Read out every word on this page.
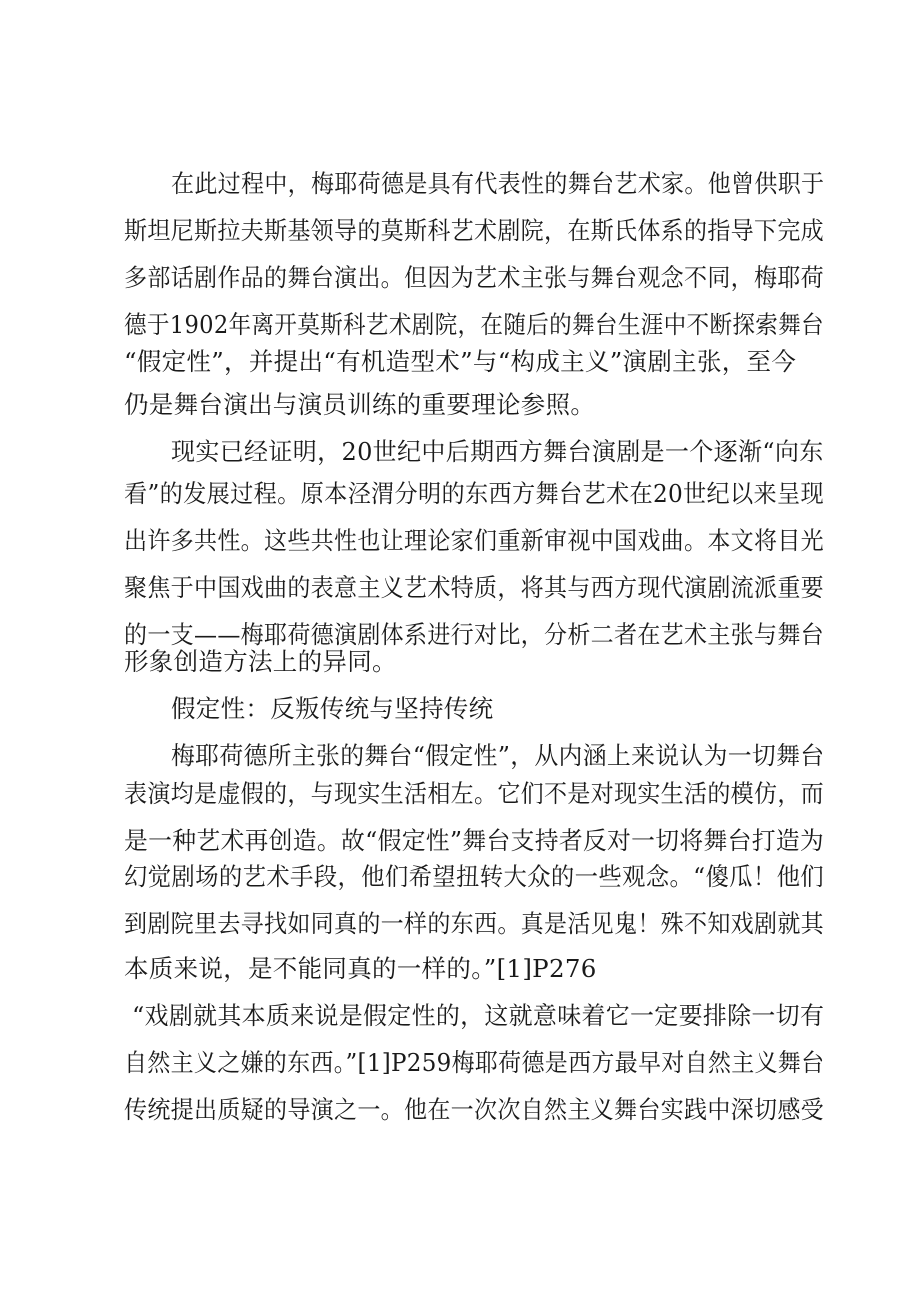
在此过程中，梅耶荷德是具有代表性的舞台艺术家。他曾供职于
斯坦尼斯拉夫斯基领导的莫斯科艺术剧院，在斯氏体系的指导下完成
多部话剧作品的舞台演出。但因为艺术主张与舞台观念不同，梅耶荷
德于1902年离开莫斯科艺术剧院，在随后的舞台生涯中不断探索舞台
“假定性”，并提出“有机造型术”与“构成主义”演剧主张，至今
仍是舞台演出与演员训练的重要理论参照。
现实已经证明，20世纪中后期西方舞台演剧是一个逐渐“向东
看”的发展过程。原本泾渭分明的东西方舞台艺术在20世纪以来呈现
出许多共性。这些共性也让理论家们重新审视中国戏曲。本文将目光
聚焦于中国戏曲的表意主义艺术特质，将其与西方现代演剧流派重要
的一支——梅耶荷德演剧体系进行对比，分析二者在艺术主张与舞台
形象创造方法上的异同。
假定性：反叛传统与坚持传统
梅耶荷德所主张的舞台“假定性”，从内涵上来说认为一切舞台
表演均是虚假的，与现实生活相左。它们不是对现实生活的模仿，而
是一种艺术再创造。故“假定性”舞台支持者反对一切将舞台打造为
幻觉剧场的艺术手段，他们希望扭转大众的一些观念。“傻瓜！他们
到剧院里去寻找如同真的一样的东西。真是活见鬼！殊不知戏剧就其
本质来说，是不能同真的一样的。”[1]P276
“戏剧就其本质来说是假定性的，这就意味着它一定要排除一切有
自然主义之嫌的东西。”[1]P259梅耶荷德是西方最早对自然主义舞台
传统提出质疑的导演之一。他在一次次自然主义舞台实践中深切感受
